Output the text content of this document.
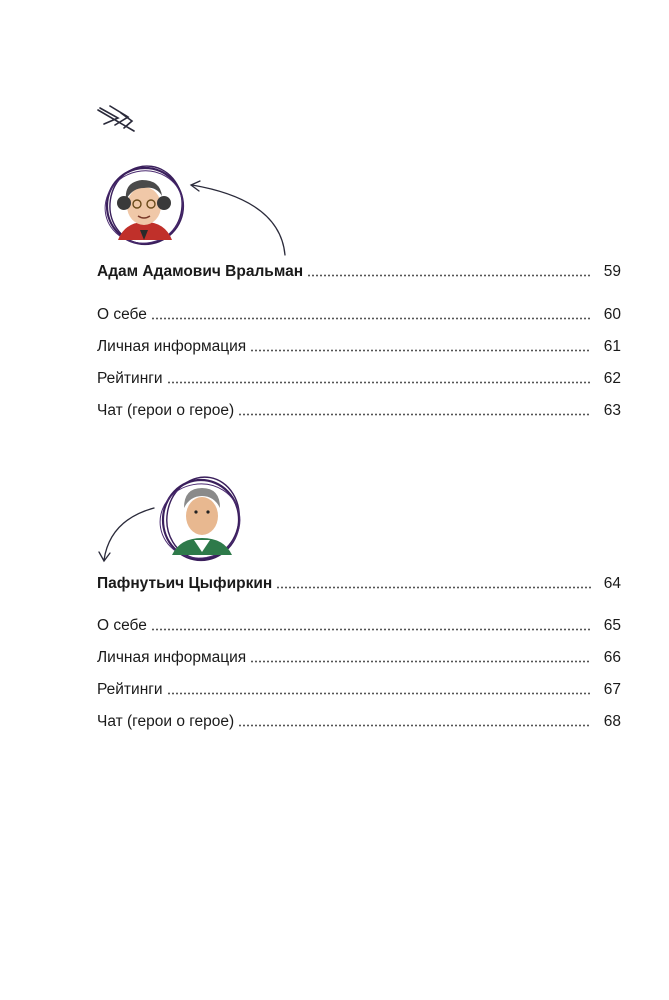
Адам Адамович Вральман	59
О себе	60
Личная информация	61
Рейтинги	62
Чат (герои о герое)	63
Пафнутьич Цыфиркин	64
О себе	65
Личная информация	66
Рейтинги	67
Чат (герои о герое)	68
